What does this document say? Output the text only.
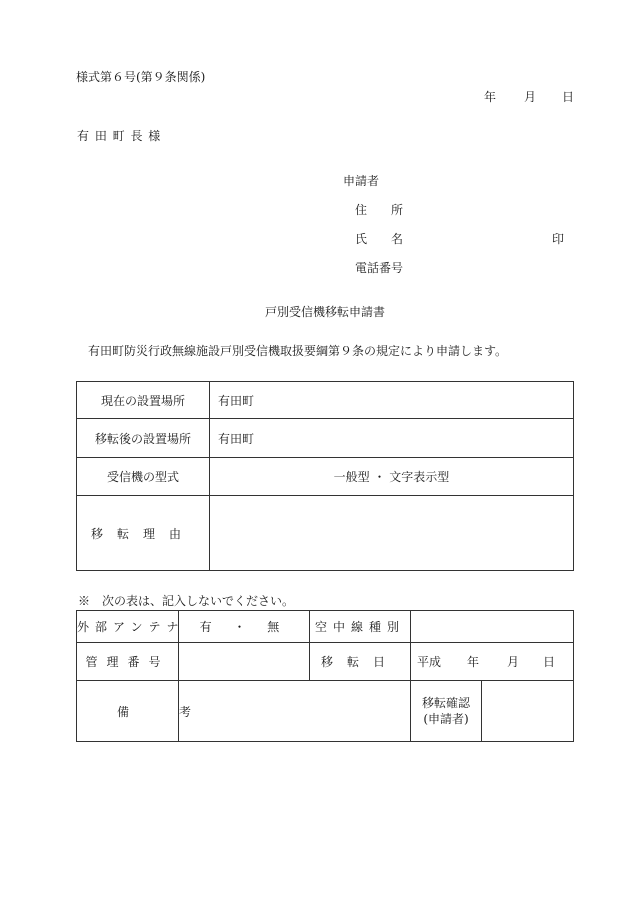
様式第６号(第９条関係)
年 月 日
有 田 町 長 様
申請者
住　　所
氏　　名	印
電話番号
戸別受信機移転申請書
有田町防災行政無線施設戸別受信機取扱要綱第９条の規定により申請します。
現在の設置場所	有田町
移転後の設置場所	有田町
受信機の型式	一般型 ・ 文字表示型
移転理由	
※　次の表は、記入しないでください。
外部アンテナ	有 ・ 無	空中線種別		
管理番号		移転日	平成 年 月 日	

備考			移転確認
(申請者)	
